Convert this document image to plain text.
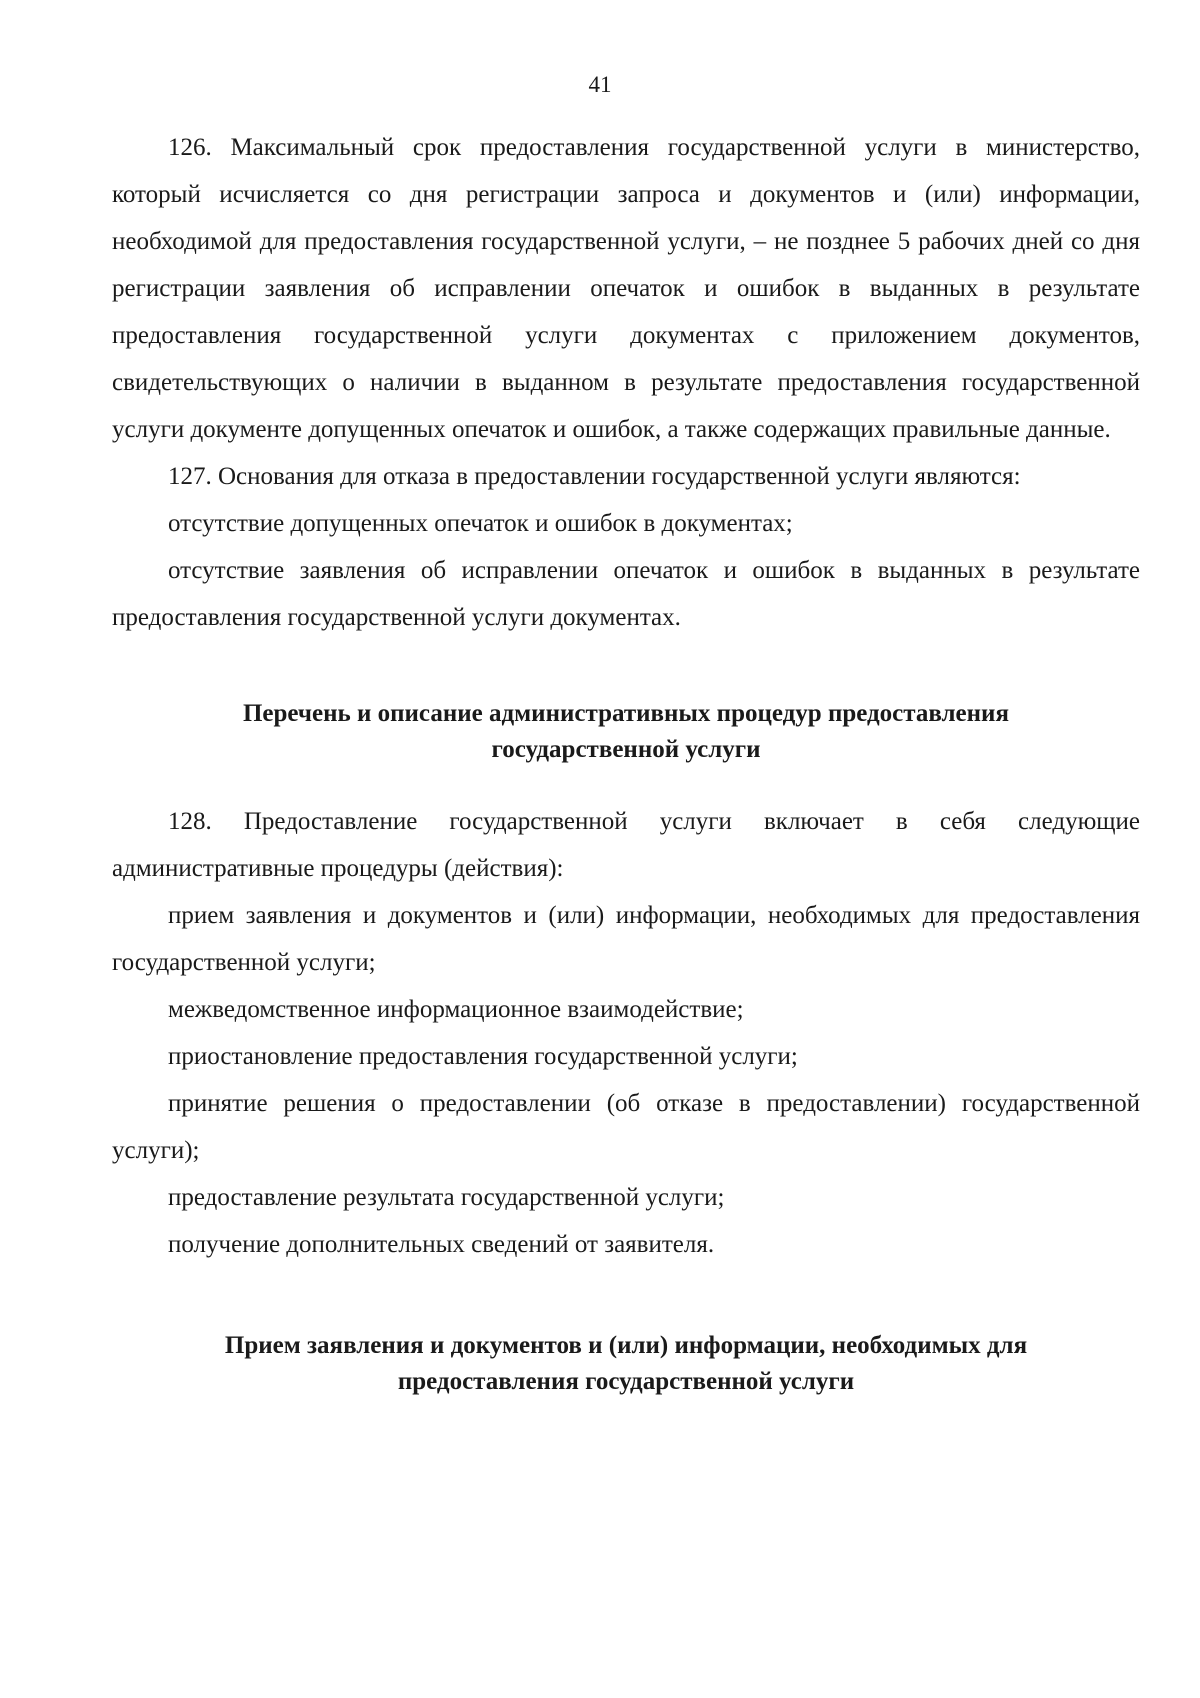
41

126. Максимальный срок предоставления государственной услуги в министерство, который исчисляется со дня регистрации запроса и документов и (или) информации, необходимой для предоставления государственной услуги, – не позднее 5 рабочих дней со дня регистрации заявления об исправлении опечаток и ошибок в выданных в результате предоставления государственной услуги документах с приложением документов, свидетельствующих о наличии в выданном в результате предоставления государственной услуги документе допущенных опечаток и ошибок, а также содержащих правильные данные.

127. Основания для отказа в предоставлении государственной услуги являются:

отсутствие допущенных опечаток и ошибок в документах;

отсутствие заявления об исправлении опечаток и ошибок в выданных в результате предоставления государственной услуги документах.

Перечень и описание административных процедур предоставления государственной услуги

128. Предоставление государственной услуги включает в себя следующие административные процедуры (действия):

прием заявления и документов и (или) информации, необходимых для предоставления государственной услуги;

межведомственное информационное взаимодействие;

приостановление предоставления государственной услуги;

принятие решения о предоставлении (об отказе в предоставлении) государственной услуги);

предоставление результата государственной услуги;

получение дополнительных сведений от заявителя.

Прием заявления и документов и (или) информации, необходимых для предоставления государственной услуги
